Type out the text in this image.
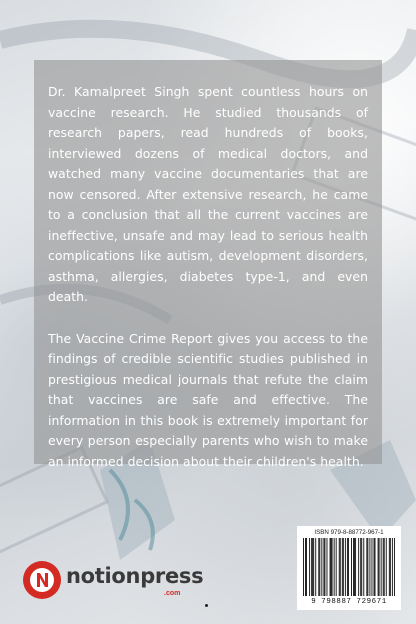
Dr. Kamalpreet Singh spent countless hours on vaccine research. He studied thousands of research papers, read hundreds of books, interviewed dozens of medical doctors, and watched many vaccine documentaries that are now censored. After extensive research, he came to a conclusion that all the current vaccines are ineffective, unsafe and may lead to serious health complications like autism, development disorders, asthma, allergies, diabetes type-1, and even death.

The Vaccine Crime Report gives you access to the findings of credible scientific studies published in prestigious medical journals that refute the claim that vaccines are safe and effective. The information in this book is extremely important for every person especially parents who wish to make an informed decision about their children's health.

ISBN 979-8-88772-967-1
9 798887 729671
notionpress
.com
